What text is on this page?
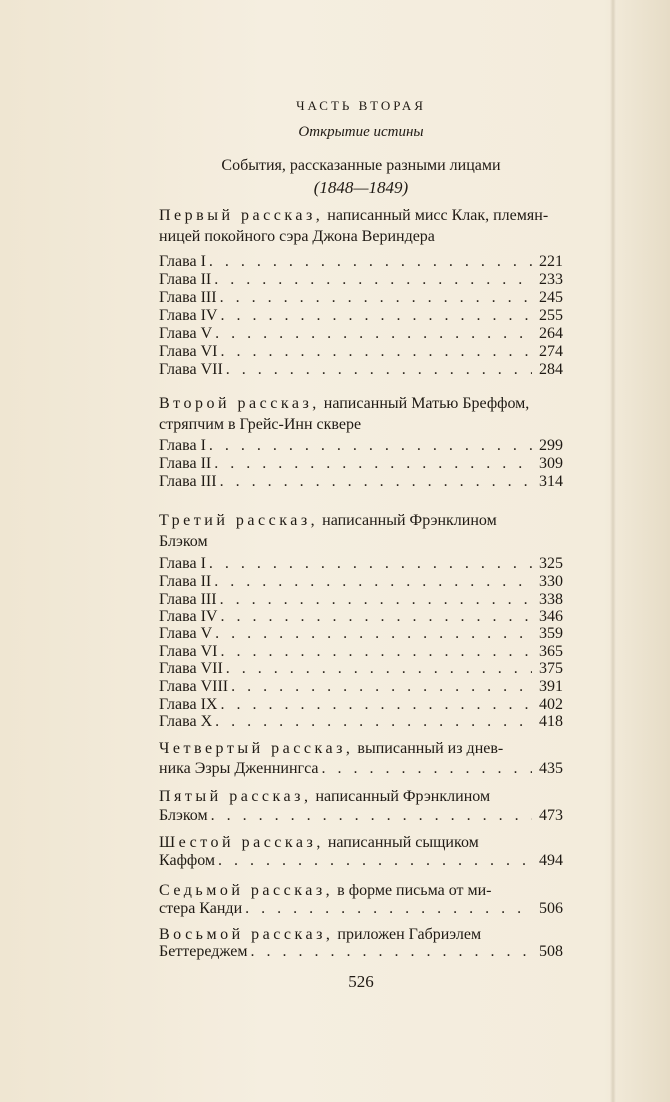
ЧАСТЬ ВТОРАЯ
Открытие истины
События, рассказанные разными лицами
(1848—1849)
Первый рассказ, написанный мисс Клак, племян-
ницей покойного сэра Джона Вериндера
Глава I . . .	221
Глава II . . .	233
Глава III . . .	245
Глава IV . . .	255
Глава V . . .	264
Глава VI . . .	274
Глава VII . . .	284
Второй рассказ, написанный Матью Бреффом,
стряпчим в Грейс-Инн сквере
Глава I . . .	299
Глава II . . .	309
Глава III . . .	314
Третий рассказ, написанный Фрэнклином
Блэком
Глава I . . .	325
Глава II . . .	330
Глава III . . .	338
Глава IV . . .	346
Глава V . . .	359
Глава VI . . .	365
Глава VII . . .	375
Глава VIII . . .	391
Глава IX . . .	402
Глава X . . .	418
Четвертый рассказ, выписанный из днев-
ника Эзры Дженнингса . . .	435
Пятый рассказ, написанный Фрэнклином
Блэком . . .	473
Шестой рассказ, написанный сыщиком
Каффом . . .	494
Седьмой рассказ, в форме письма от ми-
стера Канди . . .	506
Восьмой рассказ, приложен Габриэлем
Беттереджем . . .	508
526
